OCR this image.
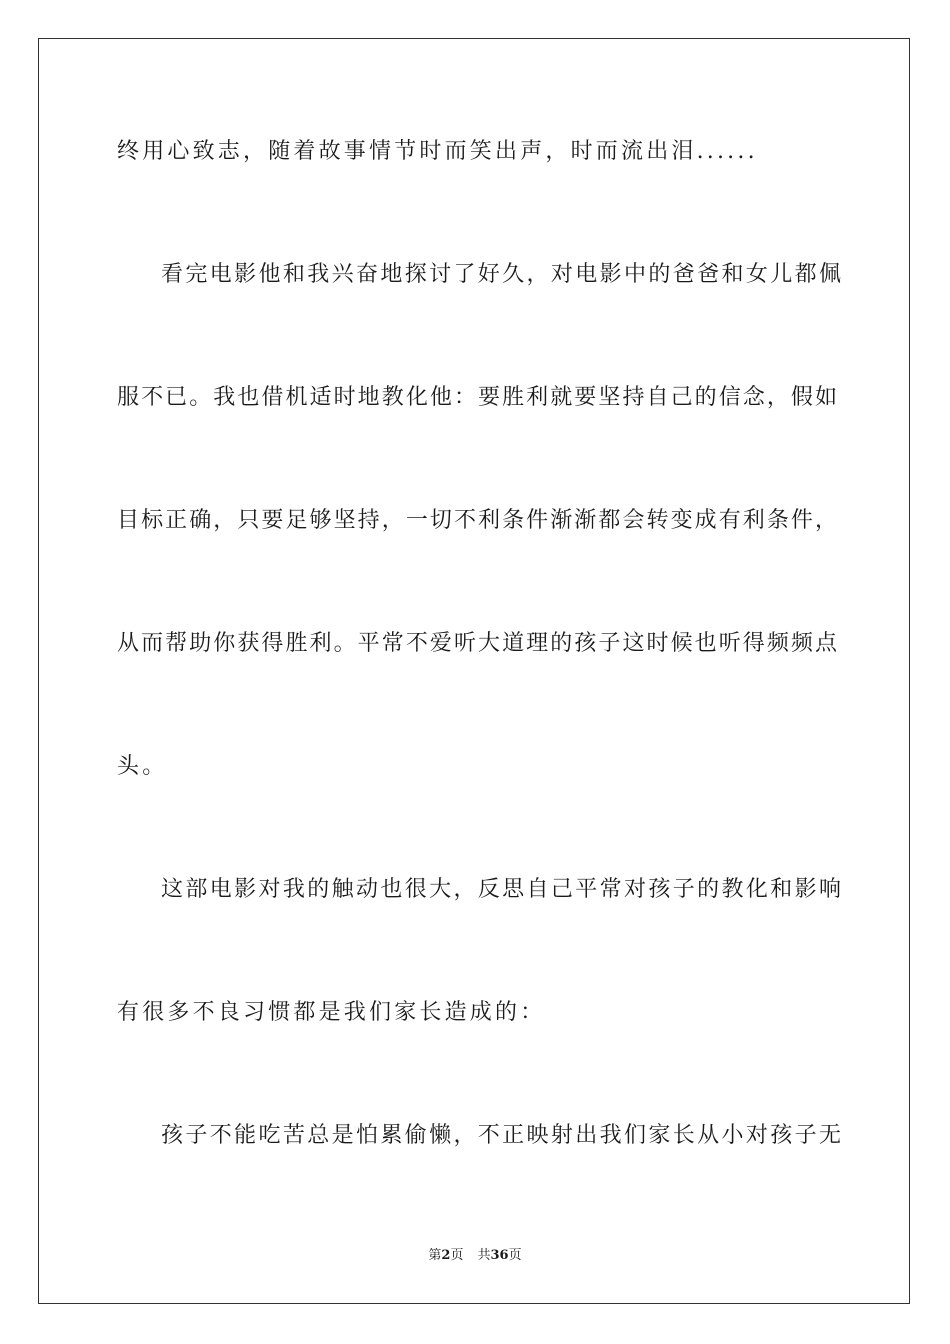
终用心致志，随着故事情节时而笑出声，时而流出泪......
看完电影他和我兴奋地探讨了好久，对电影中的爸爸和女儿都佩
服不已。我也借机适时地教化他：要胜利就要坚持自己的信念，假如
目标正确，只要足够坚持，一切不利条件渐渐都会转变成有利条件，
从而帮助你获得胜利。平常不爱听大道理的孩子这时候也听得频频点
头。
这部电影对我的触动也很大，反思自己平常对孩子的教化和影响
有很多不良习惯都是我们家长造成的：
孩子不能吃苦总是怕累偷懒，不正映射出我们家长从小对孩子无
第2页 共36页
